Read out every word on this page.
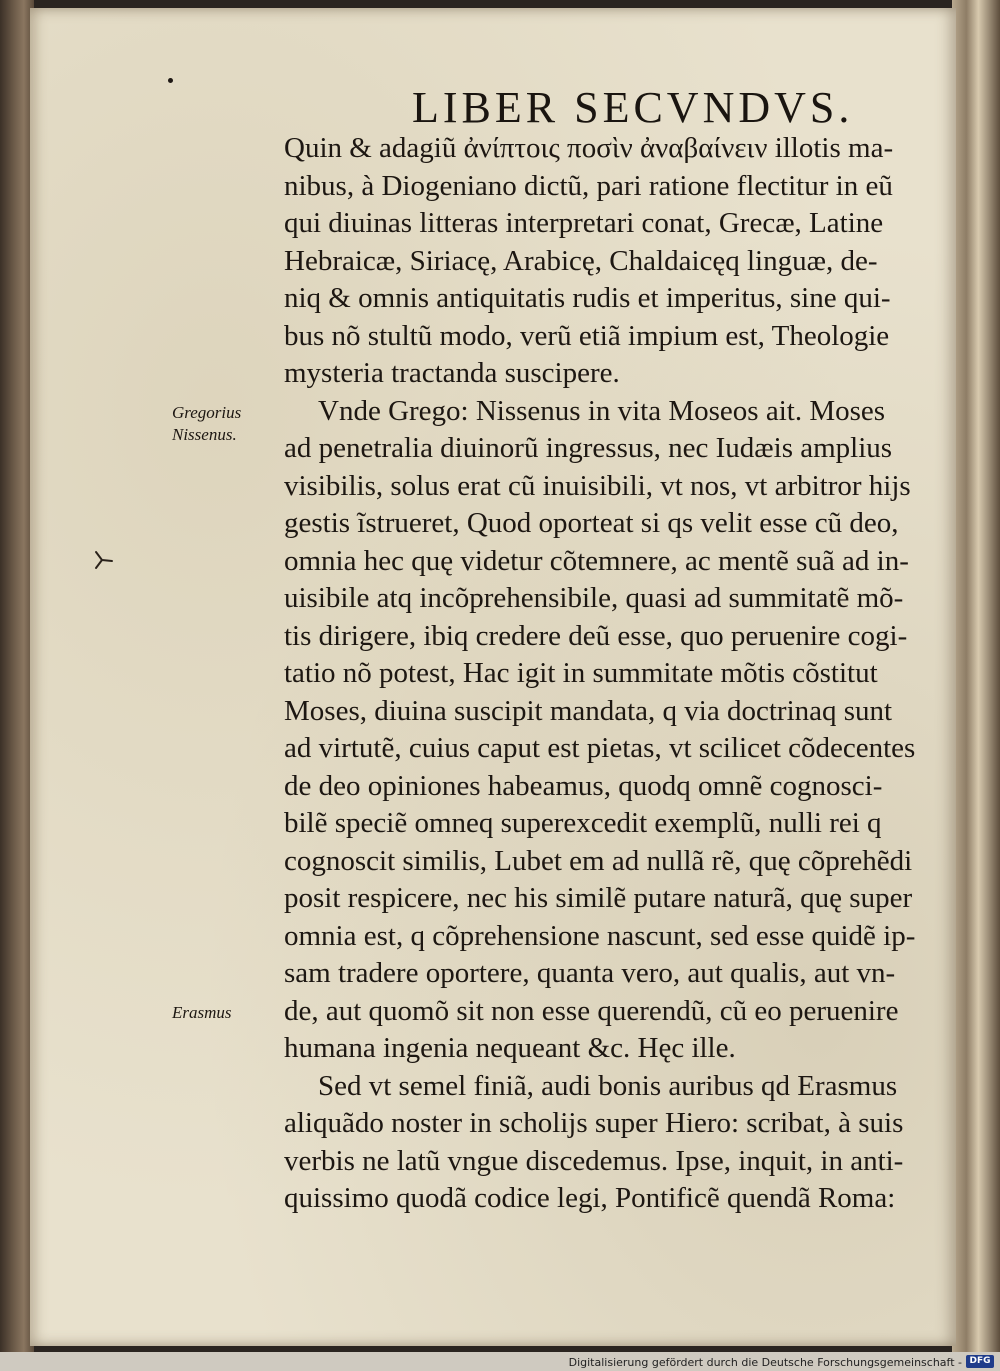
LIBER SECVNDVS.
Quin & adagiũ ἀνίπτοις ποσὶν ἀναβαίνειν illotis ma-
nibus, à Diogeniano dictũ, pari ratione flectitur in eũ
qui diuinas litteras interpretari conat, Grecæ, Latine
Hebraicæ, Siriacę, Arabicę, Chaldaicęq linguæ, de-
niq & omnis antiquitatis rudis et imperitus, sine qui-
bus nõ stultũ modo, verũ etiã impium est, Theologie
mysteria tractanda suscipere.
Vnde Grego: Nissenus in vita Moseos ait. Moses
ad penetralia diuinorũ ingressus, nec Iudæis amplius
visibilis, solus erat cũ inuisibili, vt nos, vt arbitror hijs
gestis ĩstrueret, Quod oporteat si qs velit esse cũ deo,
omnia hec quę videtur cõtemnere, ac mentẽ suã ad in-
uisibile atq incõprehensibile, quasi ad summitatẽ mõ-
tis dirigere, ibiq credere deũ esse, quo peruenire cogi-
tatio nõ potest, Hac igit in summitate mõtis cõstitut
Moses, diuina suscipit mandata, q via doctrinaq sunt
ad virtutẽ, cuius caput est pietas, vt scilicet cõdecentes
de deo opiniones habeamus, quodq omnẽ cognosci-
bilẽ speciẽ omneq superexcedit exemplũ, nulli rei q
cognoscit similis, Lubet em ad nullã rẽ, quę cõprehẽdi
posit respicere, nec his similẽ putare naturã, quę super
omnia est, q cõprehensione nascunt, sed esse quidẽ ip-
sam tradere oportere, quanta vero, aut qualis, aut vn-
de, aut quomõ sit non esse querendũ, cũ eo peruenire
humana ingenia nequeant &c. Hęc ille.
Sed vt semel finiã, audi bonis auribus qd Erasmus
aliquãdo noster in scholijs super Hiero: scribat, à suis
verbis ne latũ vngue discedemus. Ipse, inquit, in anti-
quissimo quodã codice legi, Pontificẽ quendã Roma:
Gregorius
Nissenus.
Erasmus
Digitalisierung gefördert durch die Deutsche Forschungsgemeinschaft - DFG
